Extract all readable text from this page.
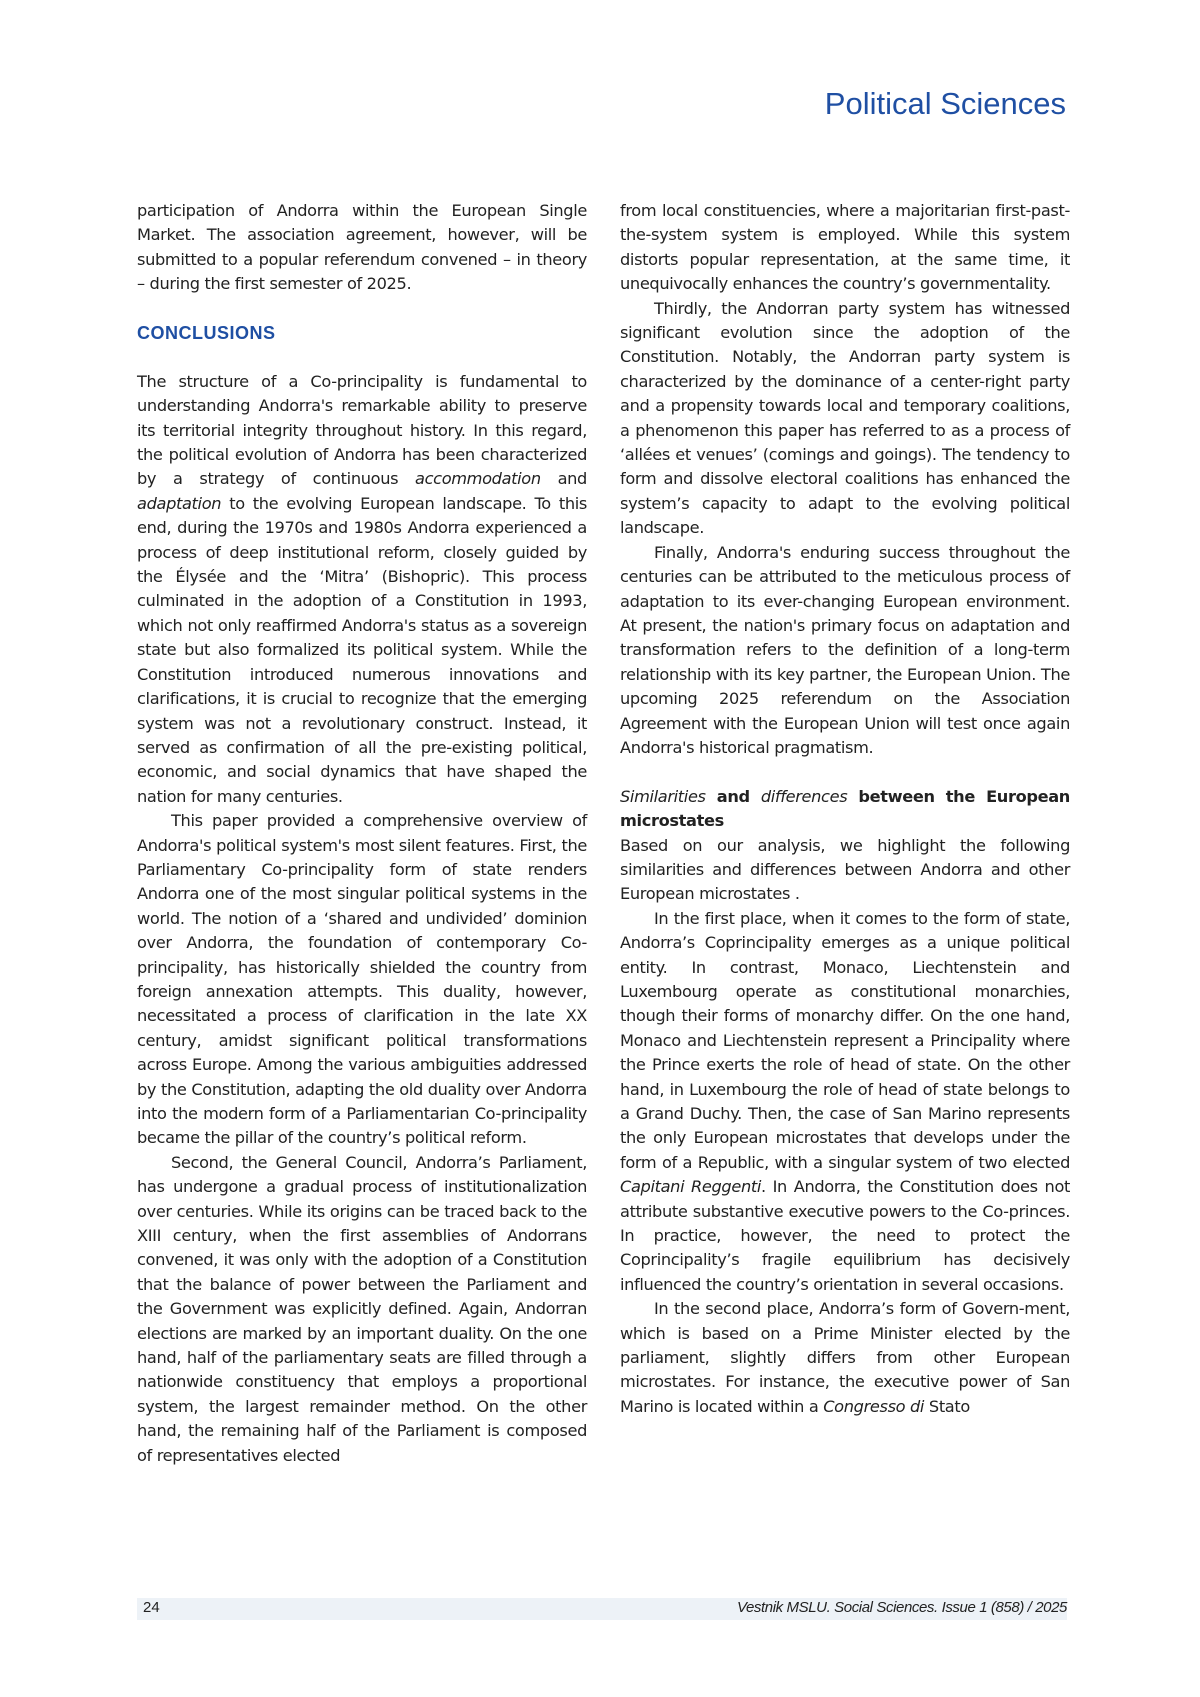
Political Sciences

participation of Andorra within the European Single Market. The association agreement, however, will be submitted to a popular referendum convened – in theory – during the first semester of 2025.

CONCLUSIONS

The structure of a Co-principality is fundamental to understanding Andorra's remarkable ability to preserve its territorial integrity throughout history. In this regard, the political evolution of Andorra has been characterized by a strategy of continuous accommodation and adaptation to the evolving European landscape. To this end, during the 1970s and 1980s Andorra experienced a process of deep institutional reform, closely guided by the Élysée and the ‘Mitra’ (Bishopric). This process culminated in the adoption of a Constitution in 1993, which not only reaffirmed Andorra's status as a sovereign state but also formalized its political system. While the Constitution introduced numerous innovations and clarifications, it is crucial to recognize that the emerging system was not a revolutionary construct. Instead, it served as confirmation of all the pre-existing political, economic, and social dynamics that have shaped the nation for many centuries.

This paper provided a comprehensive overview of Andorra's political system's most silent features. First, the Parliamentary Co-principality form of state renders Andorra one of the most singular political systems in the world. The notion of a ‘shared and undivided’ dominion over Andorra, the foundation of contemporary Co-principality, has historically shielded the country from foreign annexation attempts. This duality, however, necessitated a process of clarification in the late XX century, amidst significant political transformations across Europe. Among the various ambiguities addressed by the Constitution, adapting the old duality over Andorra into the modern form of a Parliamentarian Co-principality became the pillar of the country’s political reform.

Second, the General Council, Andorra’s Parliament, has undergone a gradual process of institutionalization over centuries. While its origins can be traced back to the XIII century, when the first assemblies of Andorrans convened, it was only with the adoption of a Constitution that the balance of power between the Parliament and the Government was explicitly defined. Again, Andorran elections are marked by an important duality. On the one hand, half of the parliamentary seats are filled through a nationwide constituency that employs a proportional system, the largest remainder method. On the other hand, the remaining half of the Parliament is composed of representatives elected

from local constituencies, where a majoritarian first-past-the-system system is employed. While this system distorts popular representation, at the same time, it unequivocally enhances the country’s governmentality.

Thirdly, the Andorran party system has witnessed significant evolution since the adoption of the Constitution. Notably, the Andorran party system is characterized by the dominance of a center-right party and a propensity towards local and temporary coalitions, a phenomenon this paper has referred to as a process of ‘allées et venues’ (comings and goings). The tendency to form and dissolve electoral coalitions has enhanced the system’s capacity to adapt to the evolving political landscape.

Finally, Andorra's enduring success throughout the centuries can be attributed to the meticulous process of adaptation to its ever-changing European environment. At present, the nation's primary focus on adaptation and transformation refers to the definition of a long-term relationship with its key partner, the European Union. The upcoming 2025 referendum on the Association Agreement with the European Union will test once again Andorra's historical pragmatism.

Similarities and differences between the European microstates

Based on our analysis, we highlight the following similarities and differences between Andorra and other European microstates .

In the first place, when it comes to the form of state, Andorra’s Coprincipality emerges as a unique political entity. In contrast, Monaco, Liechtenstein and Luxembourg operate as constitutional monarchies, though their forms of monarchy differ. On the one hand, Monaco and Liechtenstein represent a Principality where the Prince exerts the role of head of state. On the other hand, in Luxembourg the role of head of state belongs to a Grand Duchy. Then, the case of San Marino represents the only European microstates that develops under the form of a Republic, with a singular system of two elected Capitani Reggenti. In Andorra, the Constitution does not attribute substantive executive powers to the Co-princes. In practice, however, the need to protect the Coprincipality’s fragile equilibrium has decisively influenced the country’s orientation in several occasions.

In the second place, Andorra’s form of Govern-ment, which is based on a Prime Minister elected by the parliament, slightly differs from other European microstates. For instance, the executive power of San Marino is located within a Congresso di Stato

24	Vestnik MSLU. Social Sciences. Issue 1 (858) / 2025
